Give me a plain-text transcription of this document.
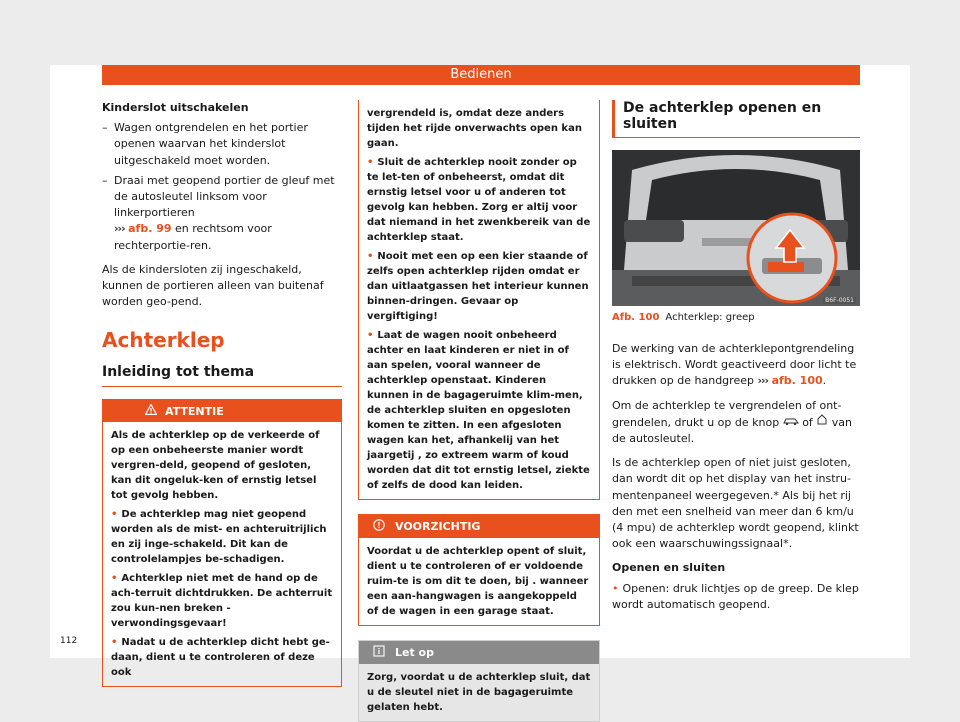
Bedienen

Kinderslot uitschakelen

– Wagen ontgrendelen en het portier openen waarvan het kinderslot uitgeschakeld moet worden.

– Draai met geopend portier de gleuf met de autosleutel linksom voor linkerportieren
››› afb. 99 en rechtsom voor rechterportie-ren.

Als de kindersloten zij ingeschakeld, kunnen de portieren alleen van buitenaf worden geo-pend.

Achterklep

Inleiding tot thema

ATTENTIE

Als de achterklep op de verkeerde of op een onbeheerste manier wordt vergren-deld, geopend of gesloten, kan dit ongeluk-ken of ernstig letsel tot gevolg hebben.

• De achterklep mag niet geopend worden als de mist- en achteruitrijlich en zij inge-schakeld. Dit kan de controlelampjes be-schadigen.

• Achterklep niet met de hand op de ach-terruit dichtdrukken. De achterruit zou kun-nen breken - verwondingsgevaar!

• Nadat u de achterklep dicht hebt ge-daan, dient u te controleren of deze ook

vergrendeld is, omdat deze anders tijden het rijde onverwachts open kan gaan.

• Sluit de achterklep nooit zonder op te let-ten of onbeheerst, omdat dit ernstig letsel voor u of anderen tot gevolg kan hebben. Zorg er altij voor dat niemand in het zwenkbereik van de achterklep staat.

• Nooit met een op een kier staande of zelfs open achterklep rijden omdat er dan uitlaatgassen het interieur kunnen binnen-dringen. Gevaar op vergiftiging!

• Laat de wagen nooit onbeheerd achter en laat kinderen er niet in of aan spelen, vooral wanneer de achterklep openstaat. Kinderen kunnen in de bagageruimte klim-men, de achterklep sluiten en opgesloten komen te zitten. In een afgesloten wagen kan het, afhankelij van het jaargetij , zo extreem warm of koud worden dat dit tot ernstig letsel, ziekte of zelfs de dood kan leiden.

VOORZICHTIG

Voordat u de achterklep opent of sluit, dient u te controleren of er voldoende ruim-te is om dit te doen, bij . wanneer een aan-hangwagen is aangekoppeld of de wagen in een garage staat.

Let op

Zorg, voordat u de achterklep sluit, dat u de sleutel niet in de bagageruimte gelaten hebt.

De achterklep openen en sluiten

B6F-0051

Afb. 100 Achterklep: greep

De werking van de achterklepontgrendeling is elektrisch. Wordt geactiveerd door licht te drukken op de handgreep ››› afb. 100.

Om de achterklep te vergrendelen of ont-grendelen, drukt u op de knop of van de autosleutel.

Is de achterklep open of niet juist gesloten, dan wordt dit op het display van het instru-mentenpaneel weergegeven.* Als bij het rij den met een snelheid van meer dan 6 km/u (4 mpu) de achterklep wordt geopend, klinkt ook een waarschuwingssignaal*.

Openen en sluiten

• Openen: druk lichtjes op de greep. De klep wordt automatisch geopend.

112
